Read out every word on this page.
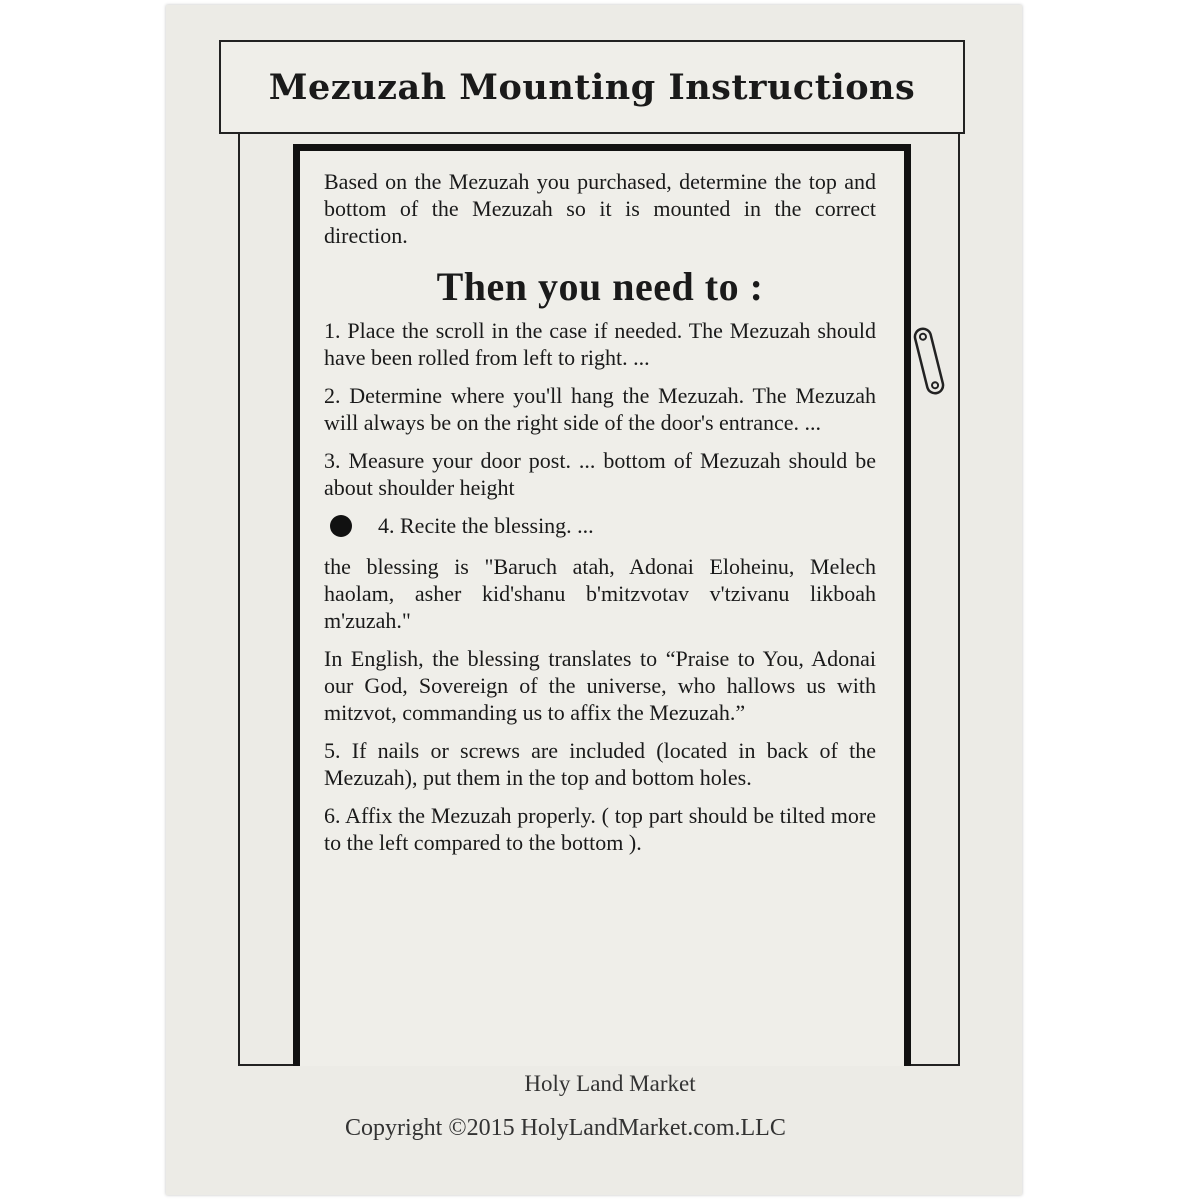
Mezuzah Mounting Instructions

Based on the Mezuzah you purchased, determine the top and bottom of the Mezuzah so it is mounted in the correct direction.

Then you need to :

1. Place the scroll in the case if needed. The Mezuzah should have been rolled from left to right. ...

2. Determine where you'll hang the Mezuzah. The Mezuzah will always be on the right side of the door's entrance. ...

3. Measure your door post. ... bottom of Mezuzah should be about shoulder height

4. Recite the blessing. ...

the blessing is "Baruch atah, Adonai Eloheinu, Melech haolam, asher kid'shanu b'mitzvotav v'tzivanu likboah m'zuzah."

In English, the blessing translates to “Praise to You, Adonai our God, Sovereign of the universe, who hallows us with mitzvot, commanding us to affix the Mezuzah.”

5. If nails or screws are included (located in back of the Mezuzah), put them in the top and bottom holes.

6. Affix the Mezuzah properly. ( top part should be tilted more to the left compared to the bottom ).

Holy Land Market
Copyright ©2015 HolyLandMarket.com.LLC
